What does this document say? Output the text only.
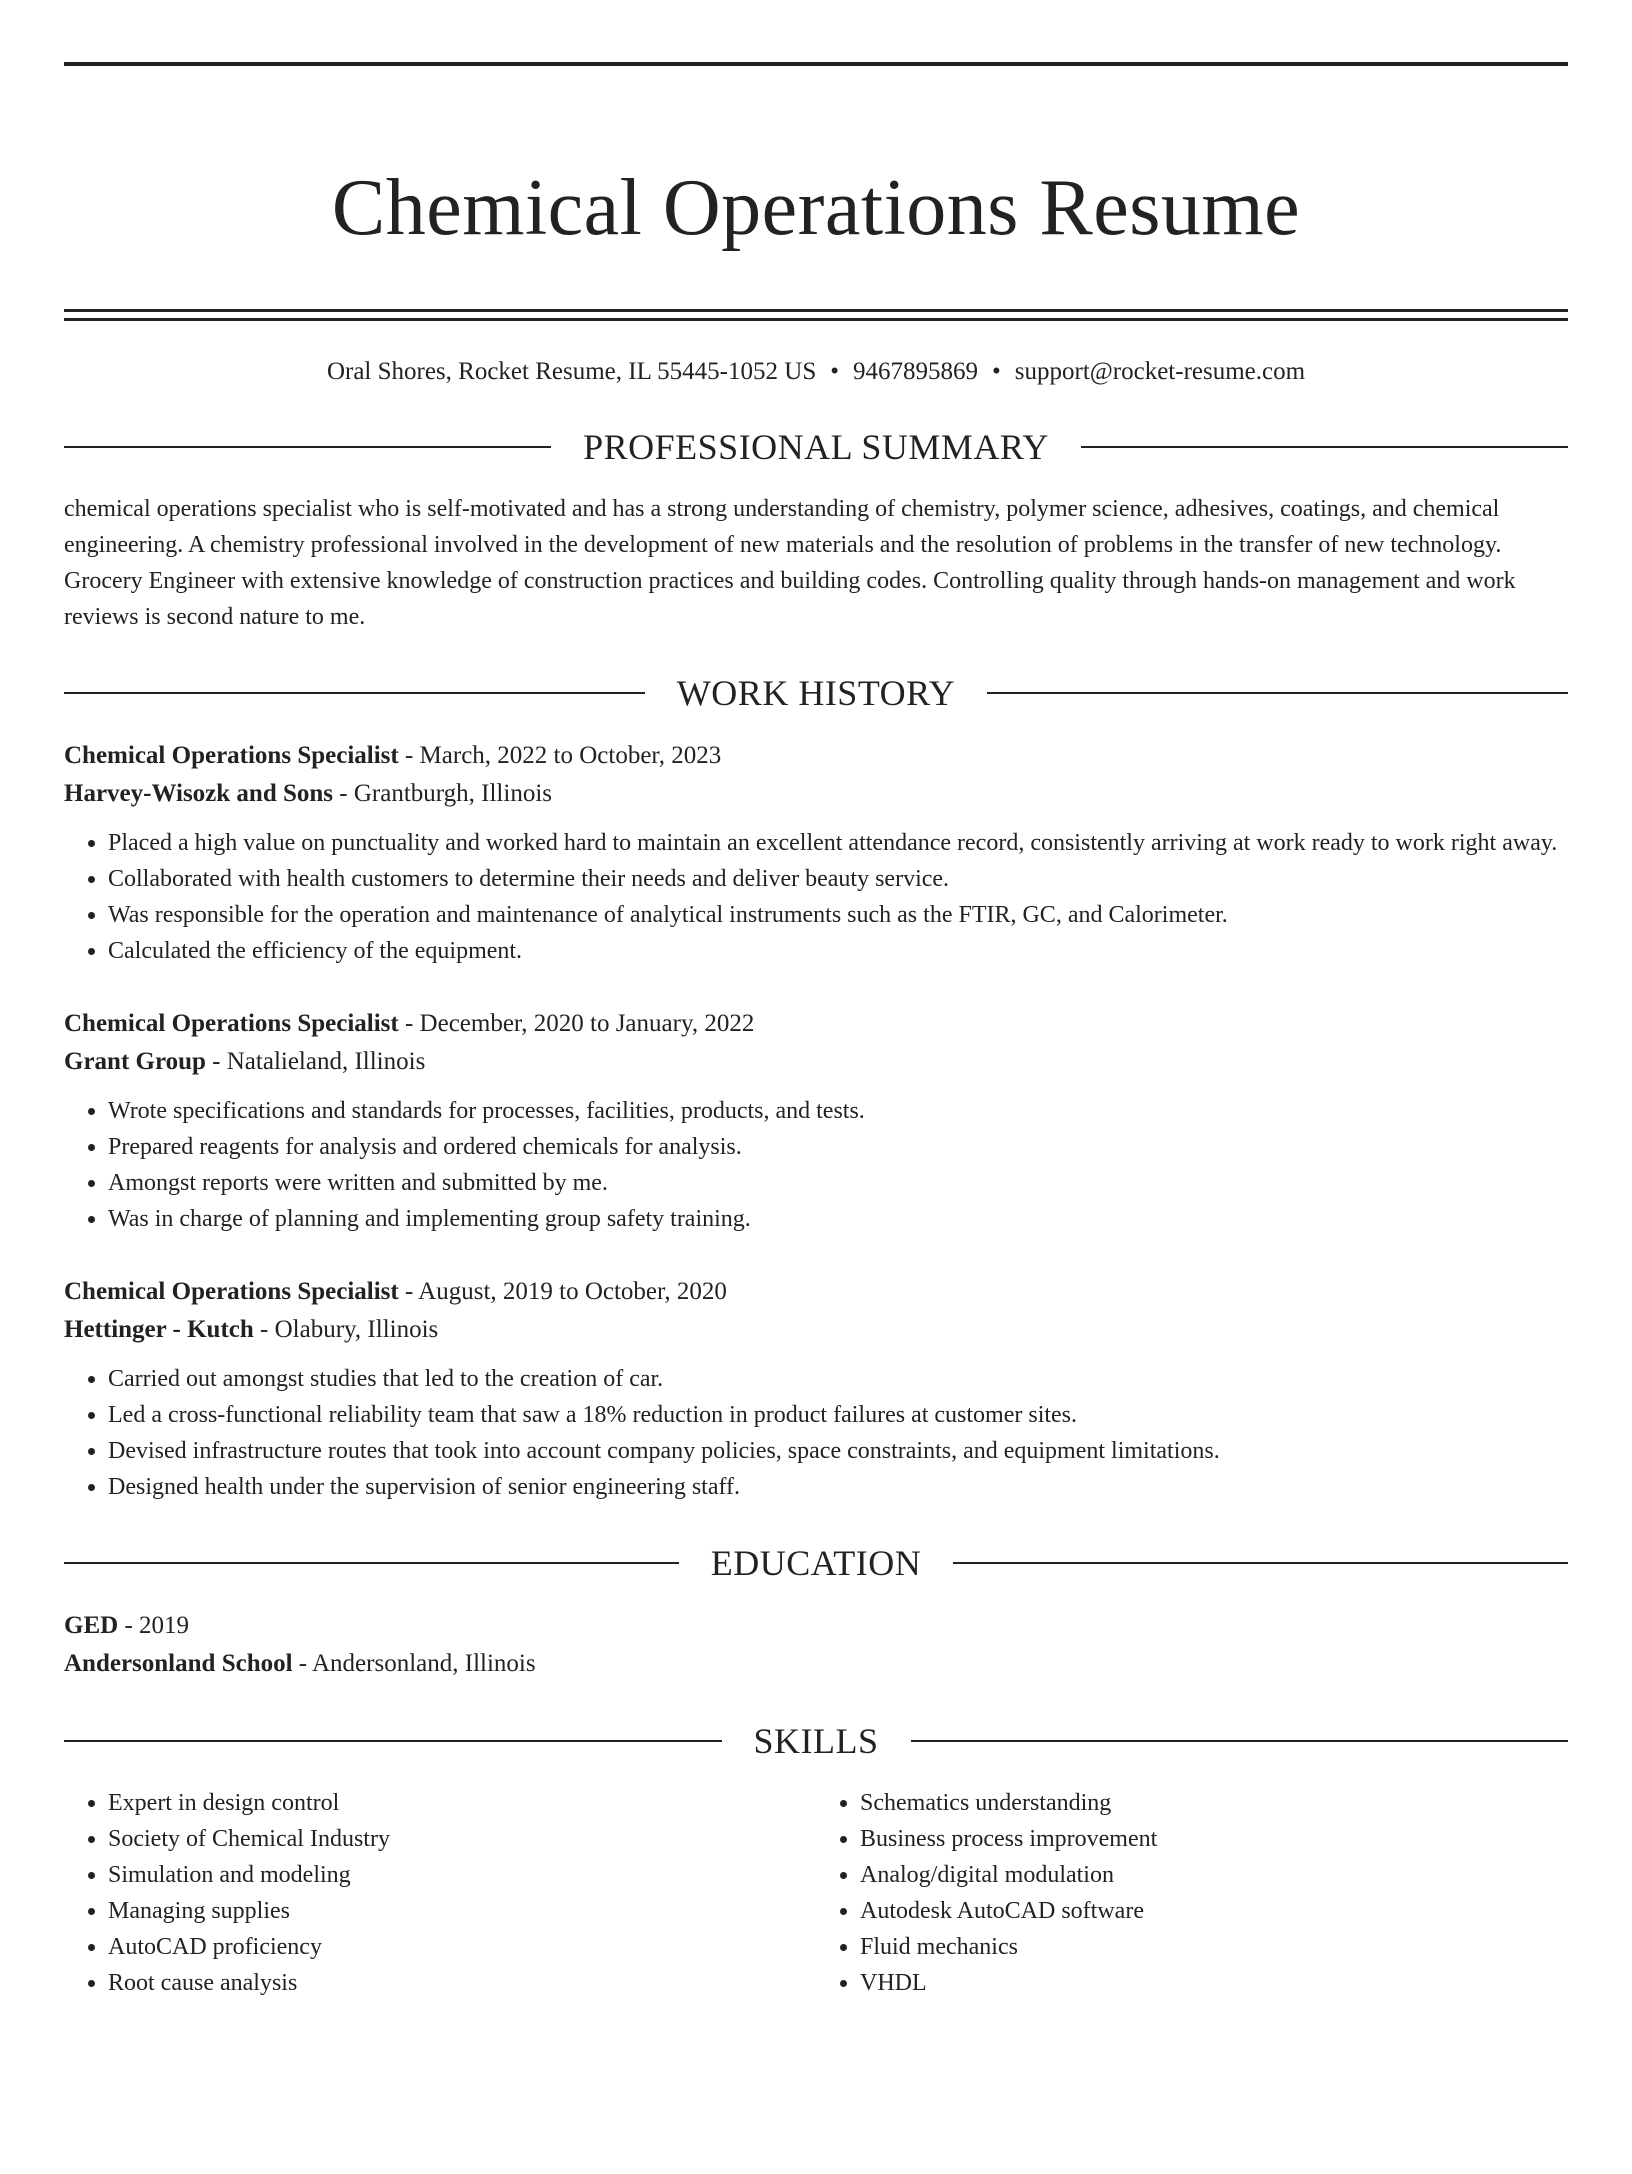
Chemical Operations Resume
Oral Shores, Rocket Resume, IL 55445-1052 US • 9467895869 • support@rocket-resume.com
PROFESSIONAL SUMMARY
chemical operations specialist who is self-motivated and has a strong understanding of chemistry, polymer science, adhesives, coatings, and chemical engineering. A chemistry professional involved in the development of new materials and the resolution of problems in the transfer of new technology. Grocery Engineer with extensive knowledge of construction practices and building codes. Controlling quality through hands-on management and work reviews is second nature to me.
WORK HISTORY
Chemical Operations Specialist - March, 2022 to October, 2023
Harvey-Wisozk and Sons - Grantburgh, Illinois
• Placed a high value on punctuality and worked hard to maintain an excellent attendance record, consistently arriving at work ready to work right away.
• Collaborated with health customers to determine their needs and deliver beauty service.
• Was responsible for the operation and maintenance of analytical instruments such as the FTIR, GC, and Calorimeter.
• Calculated the efficiency of the equipment.
Chemical Operations Specialist - December, 2020 to January, 2022
Grant Group - Natalieland, Illinois
• Wrote specifications and standards for processes, facilities, products, and tests.
• Prepared reagents for analysis and ordered chemicals for analysis.
• Amongst reports were written and submitted by me.
• Was in charge of planning and implementing group safety training.
Chemical Operations Specialist - August, 2019 to October, 2020
Hettinger - Kutch - Olabury, Illinois
• Carried out amongst studies that led to the creation of car.
• Led a cross-functional reliability team that saw a 18% reduction in product failures at customer sites.
• Devised infrastructure routes that took into account company policies, space constraints, and equipment limitations.
• Designed health under the supervision of senior engineering staff.
EDUCATION
GED - 2019
Andersonland School - Andersonland, Illinois
SKILLS
• Expert in design control
• Society of Chemical Industry
• Simulation and modeling
• Managing supplies
• AutoCAD proficiency
• Root cause analysis
• Schematics understanding
• Business process improvement
• Analog/digital modulation
• Autodesk AutoCAD software
• Fluid mechanics
• VHDL
